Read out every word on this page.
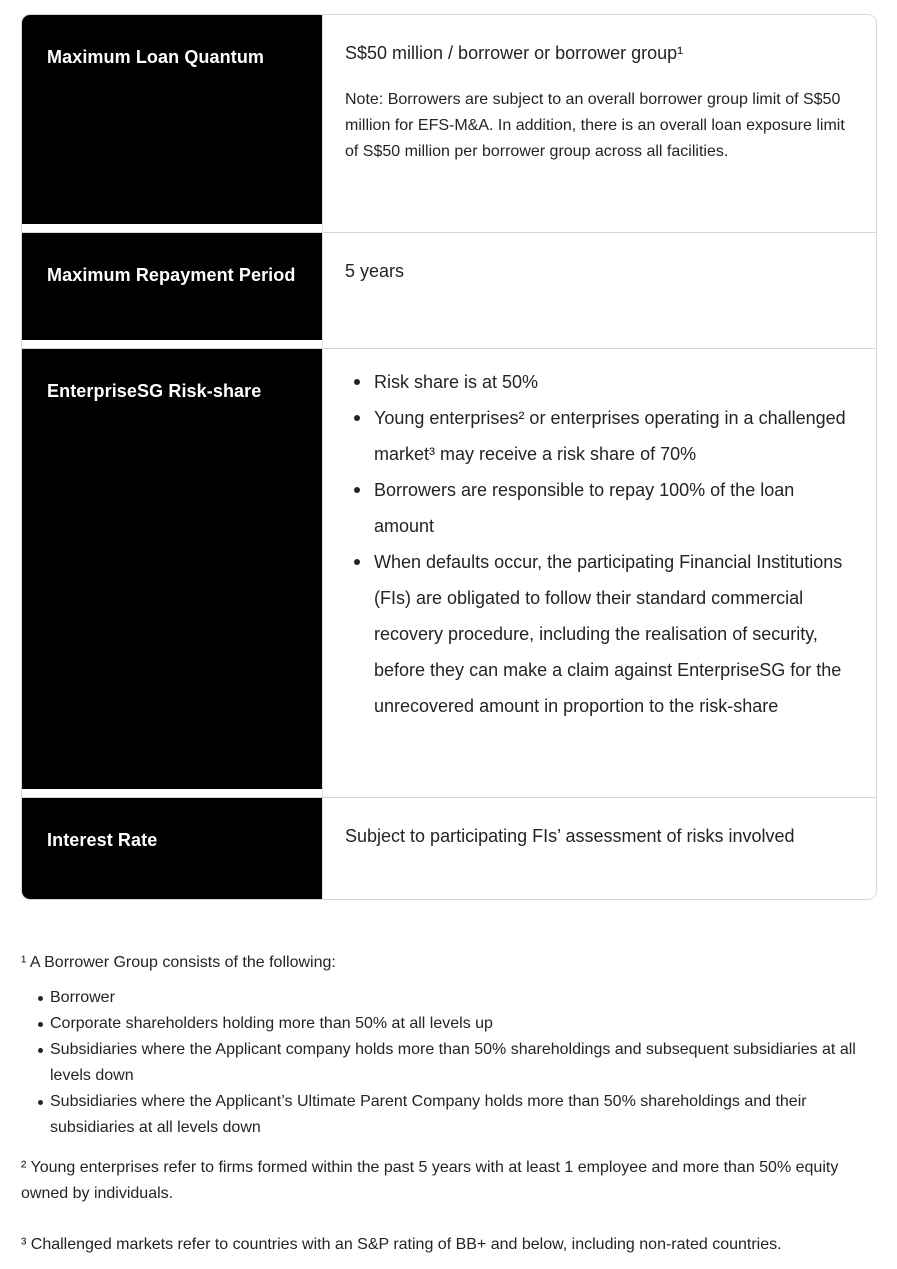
Maximum Loan Quantum	S$50 million / borrower or borrower group¹

Note: Borrowers are subject to an overall borrower group limit of S$50 million for EFS-M&A. In addition, there is an overall loan exposure limit of S$50 million per borrower group across all facilities.

Maximum Repayment Period	5 years

EnterpriseSG Risk-share	Risk share is at 50%
Young enterprises² or enterprises operating in a challenged market³ may receive a risk share of 70%
Borrowers are responsible to repay 100% of the loan amount
When defaults occur, the participating Financial Institutions (FIs) are obligated to follow their standard commercial recovery procedure, including the realisation of security, before they can make a claim against EnterpriseSG for the unrecovered amount in proportion to the risk-share
Interest Rate	Subject to participating FIs’ assessment of risks involved

¹ A Borrower Group consists of the following:

Borrower
Corporate shareholders holding more than 50% at all levels up
Subsidiaries where the Applicant company holds more than 50% shareholdings and subsequent subsidiaries at all levels down
Subsidiaries where the Applicant’s Ultimate Parent Company holds more than 50% shareholdings and their subsidiaries at all levels down

² Young enterprises refer to firms formed within the past 5 years with at least 1 employee and more than 50% equity owned by individuals.

³ Challenged markets refer to countries with an S&P rating of BB+ and below, including non-rated countries.
